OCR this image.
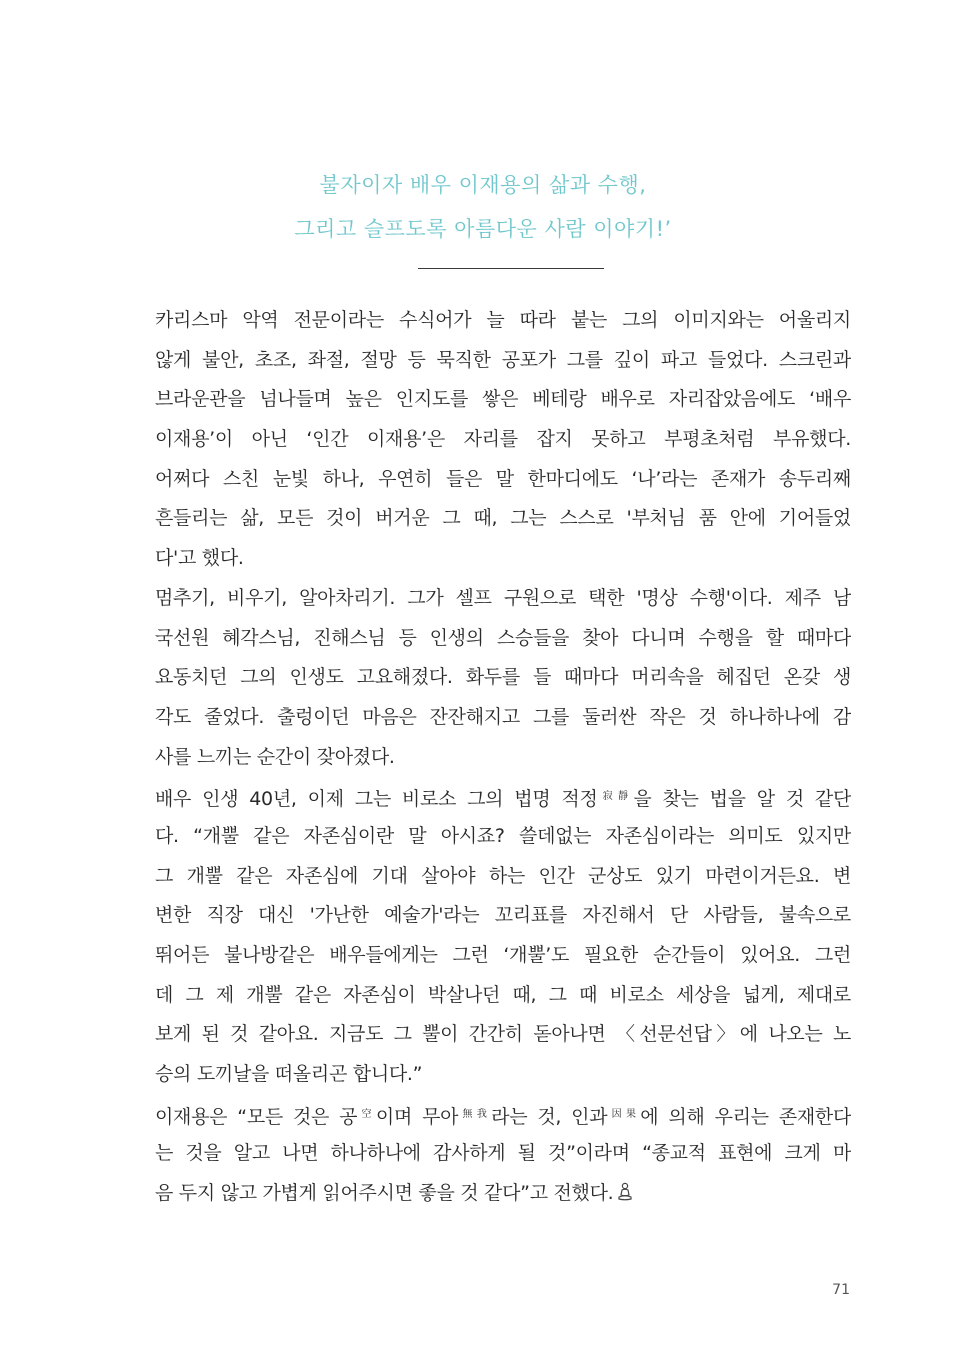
불자이자 배우 이재용의 삶과 수행,
그리고 슬프도록 아름다운 사람 이야기!’
카리스마 악역 전문이라는 수식어가 늘 따라 붙는 그의 이미지와는 어울리지
않게 불안, 초조, 좌절, 절망 등 묵직한 공포가 그를 깊이 파고 들었다. 스크린과
브라운관을 넘나들며 높은 인지도를 쌓은 베테랑 배우로 자리잡았음에도 ‘배우
이재용’이 아닌 ‘인간 이재용’은 자리를 잡지 못하고 부평초처럼 부유했다.
어쩌다 스친 눈빛 하나, 우연히 들은 말 한마디에도 ‘나’라는 존재가 송두리째
흔들리는 삶, 모든 것이 버거운 그 때, 그는 스스로 '부처님 품 안에 기어들었
다'고 했다.
멈추기, 비우기, 알아차리기. 그가 셀프 구원으로 택한 '명상 수행'이다. 제주 남
국선원 혜각스님, 진해스님 등 인생의 스승들을 찾아 다니며 수행을 할 때마다
요동치던 그의 인생도 고요해졌다. 화두를 들 때마다 머리속을 헤집던 온갖 생
각도 줄었다. 출렁이던 마음은 잔잔해지고 그를 둘러싼 작은 것 하나하나에 감
사를 느끼는 순간이 잦아졌다.
배우 인생 40년, 이제 그는 비로소 그의 법명 적정$^{寂靜}$을 찾는 법을 알 것 같단
다. “개뿔 같은 자존심이란 말 아시죠? 쓸데없는 자존심이라는 의미도 있지만
그 개뿔 같은 자존심에 기대 살아야 하는 인간 군상도 있기 마련이거든요. 변
변한 직장 대신 '가난한 예술가'라는 꼬리표를 자진해서 단 사람들, 불속으로
뛰어든 불나방같은 배우들에게는 그런 ‘개뿔’도 필요한 순간들이 있어요. 그런
데 그 제 개뿔 같은 자존심이 박살나던 때, 그 때 비로소 세상을 넓게, 제대로
보게 된 것 같아요. 지금도 그 뿔이 간간히 돋아나면 〈선문선답〉에 나오는 노
승의 도끼날을 떠올리곤 합니다.”
이재용은 “모든 것은 공$^空$이며 무아$^{無我}$라는 것, 인과$^{因果}$에 의해 우리는 존재한다
는 것을 알고 나면 하나하나에 감사하게 될 것”이라며 “종교적 표현에 크게 마
음 두지 않고 가볍게 읽어주시면 좋을 것 같다”고 전했다.
71
